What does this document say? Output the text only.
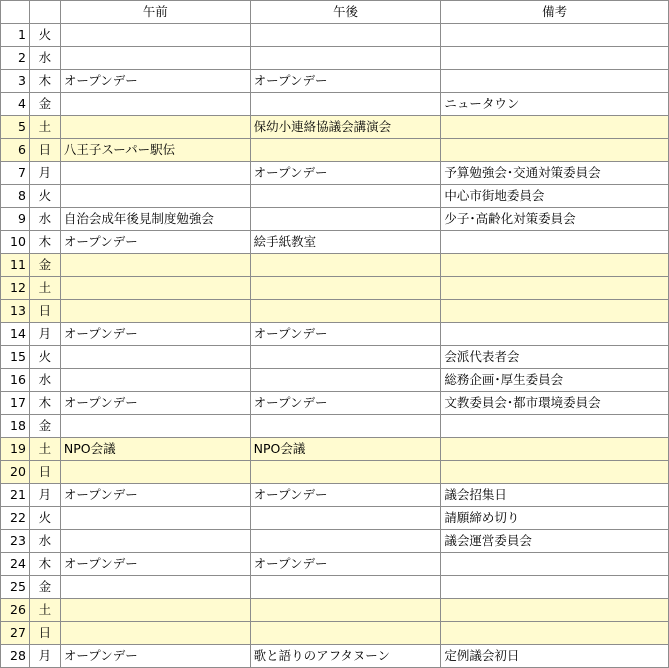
		午前	午後	備考
1	火			
2	水			
3	木	オープンデー	オープンデー	
4	金			ニュータウン
5	土		保幼小連絡協議会講演会	
6	日	八王子スーパー駅伝		
7	月		オープンデー	予算勉強会･交通対策委員会
8	火			中心市街地委員会
9	水	自治会成年後見制度勉強会		少子･高齢化対策委員会
10	木	オープンデー	絵手紙教室	
11	金			
12	土			
13	日			
14	月	オープンデー	オープンデー	
15	火			会派代表者会
16	水			総務企画･厚生委員会
17	木	オープンデー	オープンデー	文教委員会･都市環境委員会
18	金			
19	土	NPO会議	NPO会議	
20	日			
21	月	オープンデー	オープンデー	議会招集日
22	火			請願締め切り
23	水			議会運営委員会
24	木	オープンデー	オープンデー	
25	金			
26	土			
27	日			
28	月	オープンデー	歌と語りのアフタヌーン	定例議会初日
